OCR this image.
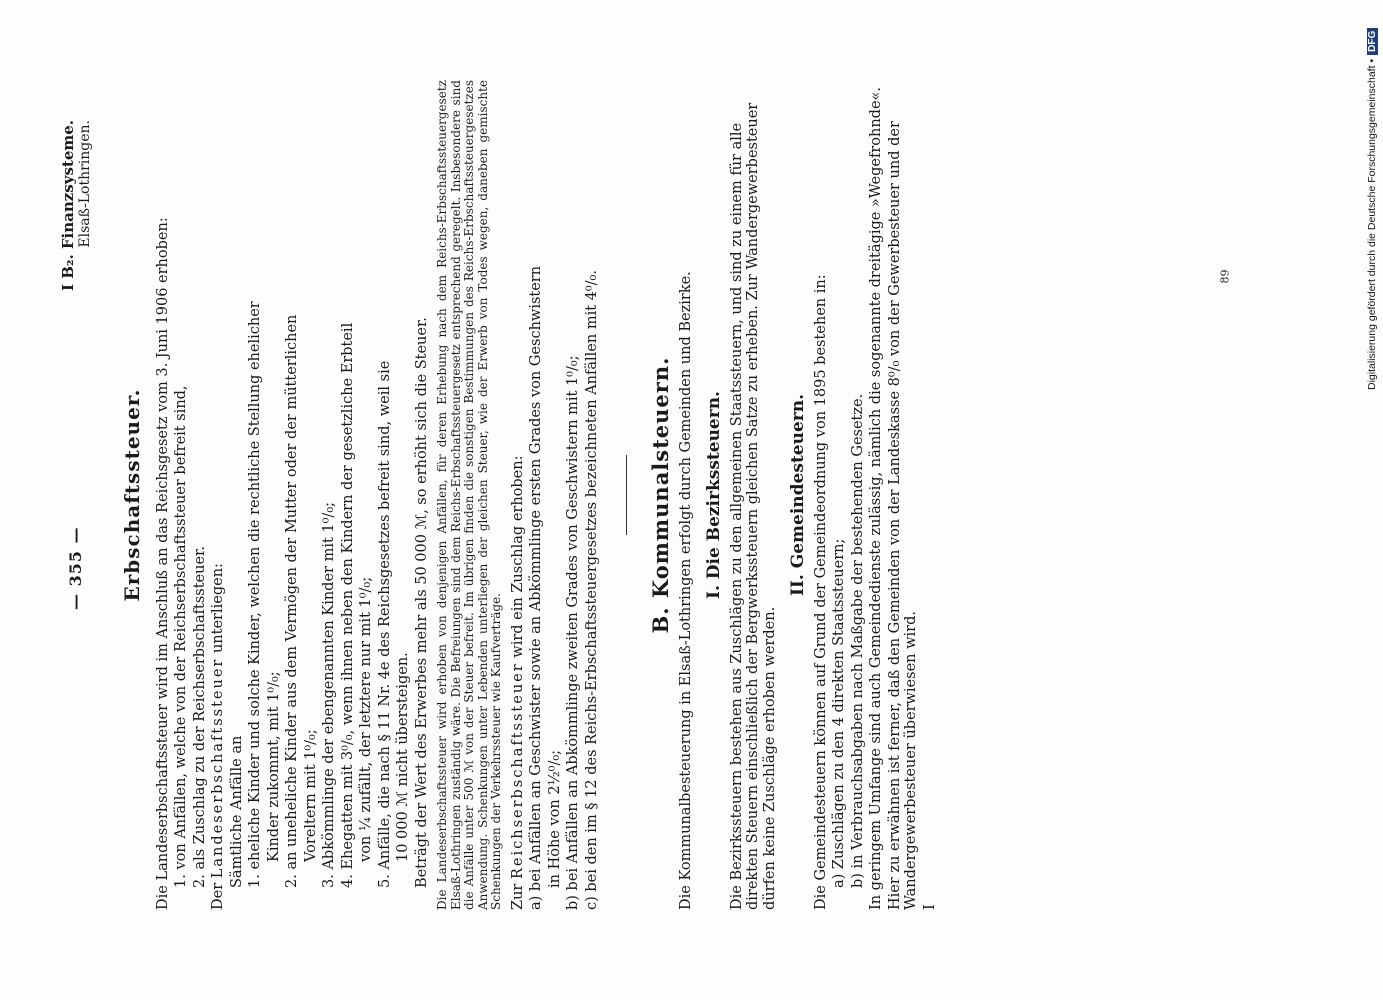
— 355 —
I B₂. Finanzsysteme.
Elsaß-Lothringen.
Erbschaftssteuer. Die Landeserbschaftssteuer wird im Anschluß an das Reichsgesetz vom 3. Juni 1906 erhoben: 1. von Anfällen, welche von der Reichserbschaftssteuer befreit sind, 2. als Zuschlag zu der Reichserbschaftssteuer.

Der Landeserbschaftssteuer unterliegen:

Sämtliche Anfälle an 1. eheliche Kinder und solche Kinder, welchen die rechtliche Stellung ehelicher Kinder zukommt, mit 1⁰/₀; 2. an uneheliche Kinder aus dem Vermögen der Mutter oder der mütterlichen Voreltern mit 1⁰/₀; 3. Abkömmlinge der ebengenannten Kinder mit 1⁰/₀; 4. Ehegatten mit 3⁰/₀, wenn ihnen neben den Kindern der gesetzliche Erbteil von ¼ zufällt, der letztere nur mit 1⁰/₀; 5. Anfälle, die nach § 11 Nr. 4e des Reichsgesetzes befreit sind, weil sie 10 000 ℳ nicht übersteigen. Beträgt der Wert des Erwerbes mehr als 50 000 ℳ, so erhöht sich die Steuer. Die Landeserbschaftssteuer wird erhoben von denjenigen Anfällen, für deren Erhebung nach dem Reichs-Erbschaftssteuergesetz Elsaß-Lothringen zuständig wäre. Die Befreiungen sind dem Reichs-Erbschaftssteuergesetz entsprechend geregelt. Insbesondere sind die Anfälle unter 500 ℳ von der Steuer befreit. Im übrigen finden die sonstigen Bestimmungen des Reichs-Erbschaftssteuergesetzes Anwendung. Schenkungen unter Lebenden unterliegen der gleichen Steuer, wie der Erwerb von Todes wegen, daneben gemischte Schenkungen der Verkehrssteuer wie Kaufverträge. Zur Reichserbschaftssteuer wird ein Zuschlag erhoben: a) bei Anfällen an Geschwister sowie an Abkömmlinge ersten Grades von Geschwistern in Höhe von 2½⁰/₀; b) bei Anfällen an Abkömmlinge zweiten Grades von Geschwistern mit 1⁰/₀; c) bei den im § 12 des Reichs-Erbschaftssteuergesetzes bezeichneten Anfällen mit 4⁰/₀. B. Kommunalsteuern. Die Kommunalbesteuerung in Elsaß-Lothringen erfolgt durch Gemeinden und Bezirke. I. Die Bezirkssteuern. Die Bezirkssteuern bestehen aus Zuschlägen zu den allgemeinen Staatssteuern, und sind zu einem für alle direkten Steuern einschließlich der Bergwerkssteuern gleichen Satze zu erheben. Zur Wandergewerbesteuer dürfen keine Zuschläge erhoben werden.

II. Gemeindesteuern. Die Gemeindesteuern können auf Grund der Gemeindeordnung von 1895 bestehen in: a) Zuschlägen zu den 4 direkten Staatssteuern; b) in Verbrauchsabgaben nach Maßgabe der bestehenden Gesetze. In geringem Umfange sind auch Gemeindedienste zulässig, nämlich die sogenannte dreitägige »Wegefrohnde«. Hier zu erwähnen ist ferner, daß den Gemeinden von der Landeskasse 8⁰/₀ von der Gewerbesteuer und der Wandergewerbesteuer überwiesen wird. I

89	Digitalisierung gefördert durch die Deutsche Forschungsgemeinschaft •
DFG
